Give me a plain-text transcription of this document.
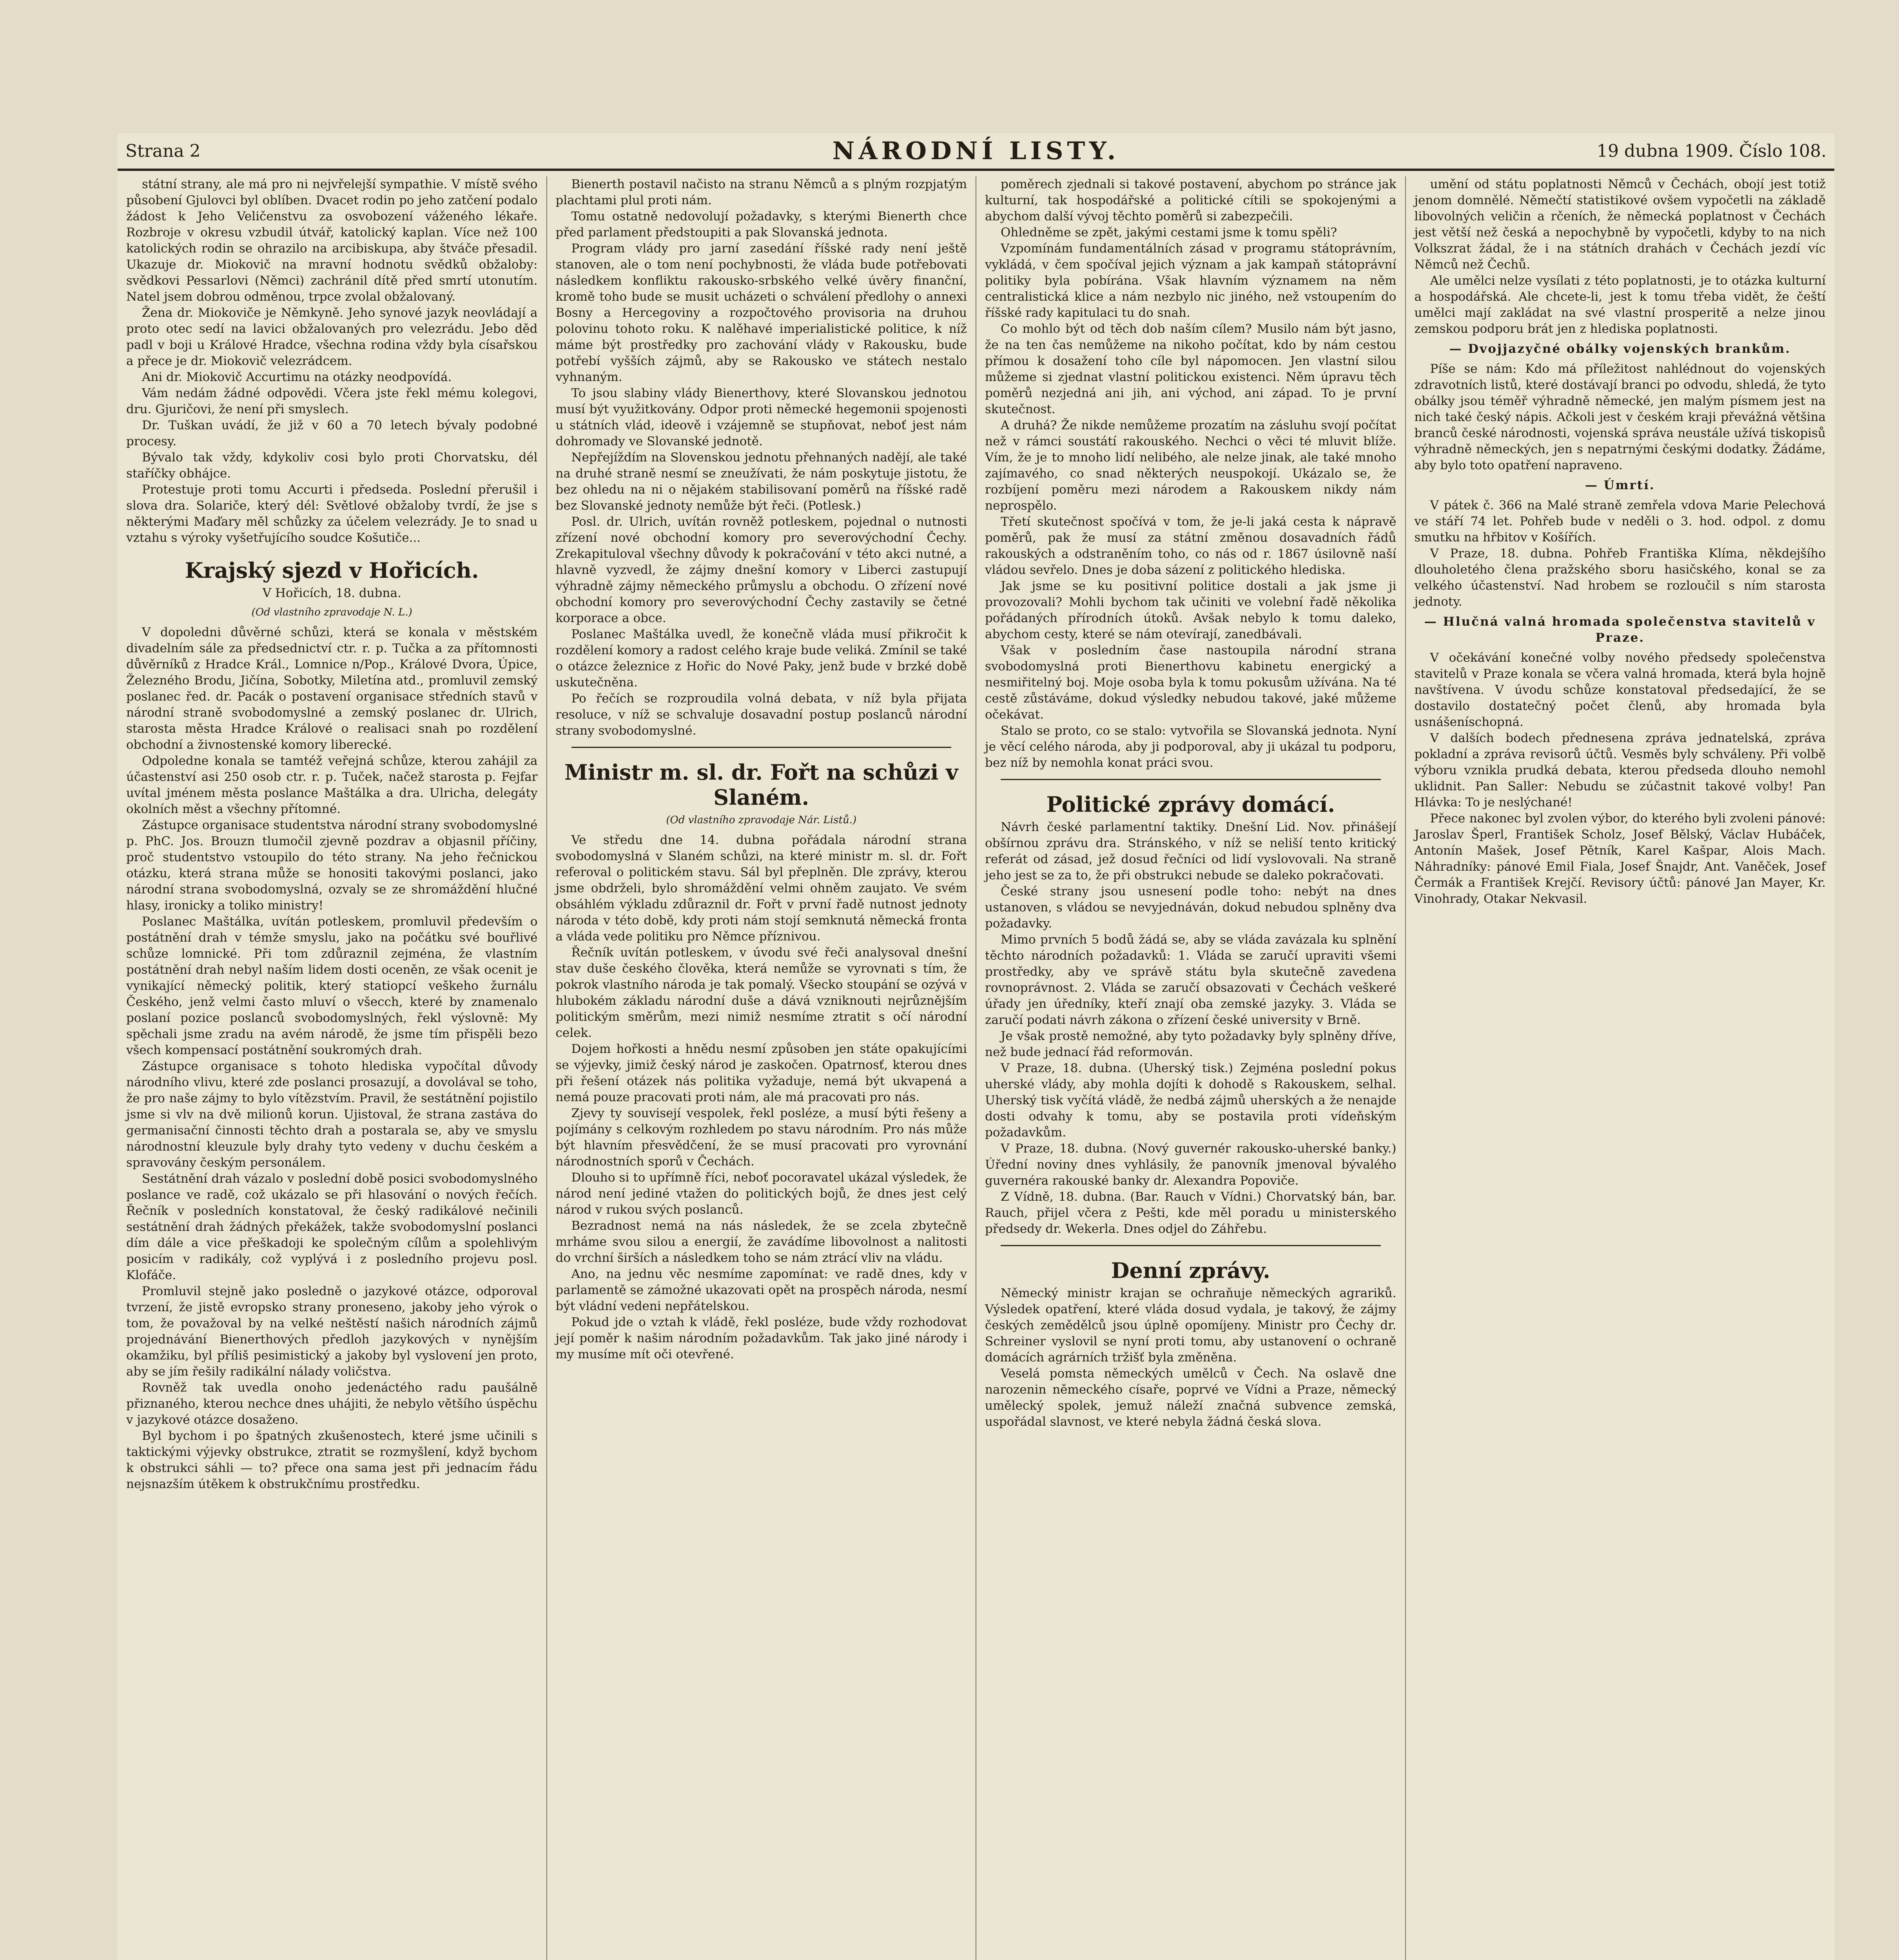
Strana 2	NÁRODNÍ LISTY.	19 dubna 1909. Číslo 108.

státní strany, ale má pro ni nejvřelejší sympathie. V místě svého působení Gjulovci byl oblíben. Dvacet rodin po jeho zatčení podalo žádost k Jeho Veličenstvu za osvobození váženého lékaře. Rozbroje v okresu vzbudil útvář, katolický kaplan. Více než 100 katolických rodin se ohrazilo na arcibiskupa, aby štváče přesadil. Ukazuje dr. Miokovič na mravní hodnotu svědků obžaloby: svědkovi Pessarlovi (Němci) zachránil dítě před smrtí utonutím. Natel jsem dobrou odměnou, trpce zvolal obžalovaný.

Žena dr. Miokoviče je Němkyně. Jeho synové jazyk neovládají a proto otec sedí na lavici obžalovaných pro velezrádu. Jebo děd padl v boji u Králové Hradce, všechna rodina vždy byla císařskou a přece je dr. Miokovič velezrádcem.

Ani dr. Miokovič Accurtimu na otázky neodpovídá.

Vám nedám žádné odpovědi. Včera jste řekl mému kolegovi, dru. Gjuričovi, že není při smyslech.

Dr. Tuškan uvádí, že již v 60 a 70 letech bývaly podobné procesy.

Bývalo tak vždy, kdykoliv cosi bylo proti Chorvatsku, dél staříčky obhájce.

Protestuje proti tomu Accurti i předseda. Poslední přerušil i slova dra. Solariče, který dél: Světlové obžaloby tvrdí, že jse s některými Maďary měl schůzky za účelem velezrády. Je to snad u vztahu s výroky vyšetřujícího soudce Košutiče...

Krajský sjezd v Hořicích.
V Hořicích, 18. dubna.
(Od vlastního zpravodaje N. L.)

V dopoledni důvěrné schůzi, která se konala v městském divadelním sále za předsednictví ctr. r. p. Tučka a za přítomnosti důvěrníků z Hradce Král., Lomnice n/Pop., Králové Dvora, Úpice, Železného Brodu, Jičína, Sobotky, Miletína atd., promluvil zemský poslanec řed. dr. Pacák o postavení organisace středních stavů v národní straně svobodomyslné a zemský poslanec dr. Ulrich, starosta města Hradce Králové o realisaci snah po rozdělení obchodní a živnostenské komory liberecké.

Odpoledne konala se tamtéž veřejná schůze, kterou zahájil za účastenství asi 250 osob ctr. r. p. Tuček, načež starosta p. Fejfar uvítal jménem města poslance Maštálka a dra. Ulricha, delegáty okolních měst a všechny přítomné.

Zástupce organisace studentstva národní strany svobodomyslné p. PhC. Jos. Brouzn tlumočil zjevně pozdrav a objasnil příčiny, proč studentstvo vstoupilo do této strany. Na jeho řečnickou otázku, která strana může se honositi takovými poslanci, jako národní strana svobodomyslná, ozvaly se ze shromáždění hlučné hlasy, ironicky a toliko ministry!

Poslanec Maštálka, uvítán potleskem, promluvil především o postátnění drah v témže smyslu, jako na počátku své bouřlivé schůze lomnické. Při tom zdůraznil zejména, že vlastním postátnění drah nebyl naším lidem dosti oceněn, ze však ocenit je vynikající německý politik, který statiopcí veškeho žurnálu Českého, jenž velmi často mluví o všecch, které by znamenalo poslaní pozice poslanců svobodomyslných, řekl výslovně: My spěchali jsme zradu na avém národě, že jsme tím přispěli bezo všech kompensací postátnění soukromých drah.

Zástupce organisace s tohoto hlediska vypočítal důvody národního vlivu, které zde poslanci prosazují, a dovolával se toho, že pro naše zájmy to bylo vítězstvím. Pravil, že sestátnění pojistilo jsme si vlv na dvě milionů korun. Ujistoval, že strana zastáva do germanisační činnosti těchto drah a postarala se, aby ve smyslu národnostní kleuzule byly drahy tyto vedeny v duchu českém a spravovány českým personálem.

Sestátnění drah vázalo v poslední době posici svobodomyslného poslance ve radě, což ukázalo se při hlasování o nových řečích. Řečník v posledních konstatoval, že český radikálové nečinili sestátnění drah žádných překážek, takže svobodomyslní poslanci dím dále a vice přeškadoji ke společným cílům a spolehlivým posicím v radikály, což vyplývá i z posledního projevu posl. Klofáče.

Promluvil stejně jako posledně o jazykové otázce, odporoval tvrzení, že jistě evropsko strany proneseno, jakoby jeho výrok o tom, že považoval by na velké neštěstí našich národních zájmů projednávání Bienerthových předloh jazykových v nynějším okamžiku, byl příliš pesimistický a jakoby byl vyslovení jen proto, aby se jím řešily radikální nálady voličstva.

Rovněž tak uvedla onoho jedenáctého radu paušálně přiznaného, kterou nechce dnes uhájiti, že nebylo většího úspěchu v jazykové otázce dosaženo.

Byl bychom i po špatných zkušenostech, které jsme učinili s taktickými výjevky obstrukce, ztratit se rozmyšlení, když bychom k obstrukci sáhli — to? přece ona sama jest při jednacím řádu nejsnazším útěkem k obstrukčnímu prostředku.

Bienerth postavil načisto na stranu Němců a s plným rozpjatým plachtami plul proti nám.

Tomu ostatně nedovolují požadavky, s kterými Bienerth chce před parlament předstoupiti a pak Slovanská jednota.

Program vlády pro jarní zasedání říšské rady není ještě stanoven, ale o tom není pochybnosti, že vláda bude potřebovati následkem konfliktu rakousko-srbského velké úvěry finanční, kromě toho bude se musit ucházeti o schválení předlohy o annexi Bosny a Hercegoviny a rozpočtového provisoria na druhou polovinu tohoto roku. K nalěhavé imperialistické politice, k níž máme být prostředky pro zachování vlády v Rakousku, bude potřebí vyšších zájmů, aby se Rakousko ve státech nestalo vyhnaným.

To jsou slabiny vlády Bienerthovy, které Slovanskou jednotou musí být využitkovány. Odpor proti německé hegemonii spojenosti u státních vlád, ideově i vzájemně se stupňovat, neboť jest nám dohromady ve Slovanské jednotě.

Nepřejíždím na Slovenskou jednotu přehnaných nadějí, ale také na druhé straně nesmí se zneužívati, že nám poskytuje jistotu, že bez ohledu na ni o nějakém stabilisovaní poměrů na říšské radě bez Slovanské jednoty nemůže být řeči. (Potlesk.)

Posl. dr. Ulrich, uvítán rovněž potleskem, pojednal o nutnosti zřízení nové obchodní komory pro severovýchodní Čechy. Zrekapituloval všechny důvody k pokračování v této akci nutné, a hlavně vyzvedl, že zájmy dnešní komory v Liberci zastupují výhradně zájmy německého průmyslu a obchodu. O zřízení nové obchodní komory pro severovýchodní Čechy zastavily se četné korporace a obce.

Poslanec Maštálka uvedl, že konečně vláda musí přikročit k rozdělení komory a radost celého kraje bude veliká. Zmínil se také o otázce železnice z Hořic do Nové Paky, jenž bude v brzké době uskutečněna.

Po řečích se rozproudila volná debata, v níž byla přijata resoluce, v níž se schvaluje dosavadní postup poslanců národní strany svobodomyslné.

Ministr m. sl. dr. Fořt na schůzi v Slaném.
(Od vlastního zpravodaje Nár. Listů.)

Ve středu dne 14. dubna pořádala národní strana svobodomyslná v Slaném schůzi, na které ministr m. sl. dr. Fořt referoval o politickém stavu. Sál byl přeplněn. Dle zprávy, kterou jsme obdrželi, bylo shromáždění velmi ohněm zaujato. Ve svém obsáhlém výkladu zdůraznil dr. Fořt v první řadě nutnost jednoty národa v této době, kdy proti nám stojí semknutá německá fronta a vláda vede politiku pro Němce příznivou.

Řečník uvítán potleskem, v úvodu své řeči analysoval dnešní stav duše českého člověka, která nemůže se vyrovnati s tím, že pokrok vlastního národa je tak pomalý. Všecko stoupání se ozývá v hlubokém základu národní duše a dává vzniknouti nejrůznějším politickým směrům, mezi nimiž nesmíme ztratit s očí národní celek.

Dojem hořkosti a hnědu nesmí způsoben jen státe opakujícími se výjevky, jimiž český národ je zaskočen. Opatrnosť, kterou dnes při řešení otázek nás politika vyžaduje, nemá být ukvapená a nemá pouze pracovati proti nám, ale má pracovati pro nás.

Zjevy ty souvisejí vespolek, řekl posléze, a musí býti řešeny a pojímány s celkovým rozhledem po stavu národním. Pro nás může být hlavním přesvědčení, že se musí pracovati pro vyrovnání národnostních sporů v Čechách.

Dlouho si to upřímně říci, neboť pocoravatel ukázal výsledek, že národ není jediné vtažen do politických bojů, že dnes jest celý národ v rukou svých poslanců.

Bezradnost nemá na nás následek, že se zcela zbytečně mrháme svou silou a energií, že zavádíme libovolnost a nalitosti do vrchní širších a následkem toho se nám ztrácí vliv na vládu.

Ano, na jednu věc nesmíme zapomínat: ve radě dnes, kdy v parlamentě se zámožné ukazovati opět na prospěch národa, nesmí být vládní vedeni nepřátelskou.

Pokud jde o vztah k vládě, řekl posléze, bude vždy rozhodovat její poměr k našim národním požadavkům. Tak jako jiné národy i my musíme mít oči otevřené.

poměrech zjednali si takové postavení, abychom po stránce jak kulturní, tak hospodářské a politické cítili se spokojenými a abychom další vývoj těchto poměrů si zabezpečili.

Ohledněme se zpět, jakými cestami jsme k tomu spěli?

Vzpomínám fundamentálních zásad v programu státoprávním, vykládá, v čem spočíval jejich význam a jak kampaň státoprávní politiky byla pobírána. Však hlavním významem na něm centralistická klice a nám nezbylo nic jiného, než vstoupením do říšské rady kapitulaci tu do snah.

Co mohlo být od těch dob naším cílem? Musilo nám být jasno, že na ten čas nemůžeme na nikoho počítat, kdo by nám cestou přímou k dosažení toho cíle byl nápomocen. Jen vlastní silou můžeme si zjednat vlastní politickou existenci. Něm úpravu těch poměrů nezjedná ani jih, ani východ, ani západ. To je první skutečnost.

A druhá? Že nikde nemůžeme prozatím na zásluhu svojí počítat než v rámci soustátí rakouského. Nechci o věci té mluvit blíže. Vím, že je to mnoho lidí nelibého, ale nelze jinak, ale také mnoho zajímavého, co snad některých neuspokojí. Ukázalo se, že rozbíjení poměru mezi národem a Rakouskem nikdy nám neprospělo.

Třetí skutečnost spočívá v tom, že je-li jaká cesta k nápravě poměrů, pak že musí za státní změnou dosavadních řádů rakouských a odstraněním toho, co nás od r. 1867 úsilovně naší vládou sevřelo. Dnes je doba sázení z politického hlediska.

Jak jsme se ku positivní politice dostali a jak jsme ji provozovali? Mohli bychom tak učiniti ve volební řadě několika pořádaných přírodních útoků. Avšak nebylo k tomu daleko, abychom cesty, které se nám otevírají, zanedbávali.

Však v posledním čase nastoupila národní strana svobodomyslná proti Bienerthovu kabinetu energický a nesmiřitelný boj. Moje osoba byla k tomu pokusům užívána. Na té cestě zůstáváme, dokud výsledky nebudou takové, jaké můžeme očekávat.

Stalo se proto, co se stalo: vytvořila se Slovanská jednota. Nyní je věcí celého národa, aby ji podporoval, aby ji ukázal tu podporu, bez níž by nemohla konat práci svou.

Politické zprávy domácí.

Návrh české parlamentní taktiky. Dnešní Lid. Nov. přinášejí obšírnou zprávu dra. Stránského, v níž se neliší tento kritický referát od zásad, jež dosud řečníci od lidí vyslovovali. Na straně jeho jest se za to, že při obstrukci nebude se daleko pokračovati.

České strany jsou usnesení podle toho: nebýt na dnes ustanoven, s vládou se nevyjednáván, dokud nebudou splněny dva požadavky.

Mimo prvních 5 bodů žádá se, aby se vláda zavázala ku splnění těchto národních požadavků: 1. Vláda se zaručí upraviti všemi prostředky, aby ve správě státu byla skutečně zavedena rovnoprávnost. 2. Vláda se zaručí obsazovati v Čechách veškeré úřady jen úředníky, kteří znají oba zemské jazyky. 3. Vláda se zaručí podati návrh zákona o zřízení české university v Brně.

Je však prostě nemožné, aby tyto požadavky byly splněny dříve, než bude jednací řád reformován.

V Praze, 18. dubna. (Uherský tisk.) Zejména poslední pokus uherské vlády, aby mohla dojíti k dohodě s Rakouskem, selhal. Uherský tisk vyčítá vládě, že nedbá zájmů uherských a že nenajde dosti odvahy k tomu, aby se postavila proti vídeňským požadavkům.

V Praze, 18. dubna. (Nový guvernér rakousko-uherské banky.) Úřední noviny dnes vyhlásily, že panovník jmenoval bývalého guvernéra rakouské banky dr. Alexandra Popoviče.

Z Vídně, 18. dubna. (Bar. Rauch v Vídni.) Chorvatský bán, bar. Rauch, přijel včera z Pešti, kde měl poradu u ministerského předsedy dr. Wekerla. Dnes odjel do Záhřebu.

Denní zprávy.

Německý ministr krajan se ochraňuje německých agrariků. Výsledek opatření, které vláda dosud vydala, je takový, že zájmy českých zemědělců jsou úplně opomíjeny. Ministr pro Čechy dr. Schreiner vyslovil se nyní proti tomu, aby ustanovení o ochraně domácích agrárních tržišť byla změněna.

Veselá pomsta německých umělců v Čech. Na oslavě dne narozenin německého císaře, poprvé ve Vídni a Praze, německý umělecký spolek, jemuž náleží značná subvence zemská, uspořádal slavnost, ve které nebyla žádná česká slova.

umění od státu poplatnosti Němců v Čechách, obojí jest totiž jenom domnělé. Němečtí statistikové ovšem vypočetli na základě libovolných veličin a rčeních, že německá poplatnost v Čechách jest větší než česká a nepochybně by vypočetli, kdyby to na nich Volkszrat žádal, že i na státních drahách v Čechách jezdí víc Němců než Čechů.

Ale umělci nelze vysílati z této poplatnosti, je to otázka kulturní a hospodářská. Ale chcete-li, jest k tomu třeba vidět, že čeští umělci mají zakládat na své vlastní prosperitě a nelze jinou zemskou podporu brát jen z hlediska poplatnosti.

— Dvojjazyčné obálky vojenských brankům.

Píše se nám: Kdo má příležitost nahlédnout do vojenských zdravotních listů, které dostávají branci po odvodu, shledá, že tyto obálky jsou téměř výhradně německé, jen malým písmem jest na nich také český nápis. Ačkoli jest v českém kraji převážná většina branců české národnosti, vojenská správa neustále užívá tiskopisů výhradně německých, jen s nepatrnými českými dodatky. Žádáme, aby bylo toto opatření napraveno.

— Úmrtí.

V pátek č. 366 na Malé straně zemřela vdova Marie Pelechová ve stáří 74 let. Pohřeb bude v neděli o 3. hod. odpol. z domu smutku na hřbitov v Košířích.

V Praze, 18. dubna. Pohřeb Františka Klíma, někdejšího dlouholetého člena pražského sboru hasičského, konal se za velkého účastenství. Nad hrobem se rozloučil s ním starosta jednoty.

— Hlučná valná hromada společenstva stavitelů v Praze.

V očekávání konečné volby nového předsedy společenstva stavitelů v Praze konala se včera valná hromada, která byla hojně navštívena. V úvodu schůze konstatoval předsedající, že se dostavilo dostatečný počet členů, aby hromada byla usnášeníschopná.

V dalších bodech přednesena zpráva jednatelská, zpráva pokladní a zpráva revisorů účtů. Vesměs byly schváleny. Při volbě výboru vznikla prudká debata, kterou předseda dlouho nemohl uklidnit. Pan Saller: Nebudu se zúčastnit takové volby! Pan Hlávka: To je neslýchané!

Přece nakonec byl zvolen výbor, do kterého byli zvoleni pánové: Jaroslav Šperl, František Scholz, Josef Bělský, Václav Hubáček, Antonín Mašek, Josef Pětník, Karel Kašpar, Alois Mach. Náhradníky: pánové Emil Fiala, Josef Šnajdr, Ant. Vaněček, Josef Čermák a František Krejčí. Revisory účtů: pánové Jan Mayer, Kr. Vinohrady, Otakar Nekvasil.
